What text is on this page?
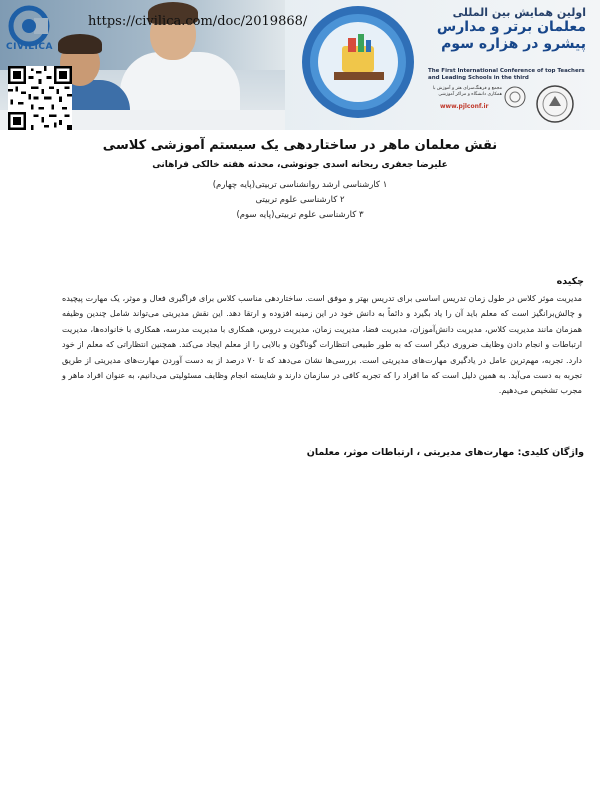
CIVILICA
https://civilica.com/doc/2019868/
اولین همایش بین المللی
معلمان برتر و مدارس
پیشرو در هزاره سوم
The First International Conference of top Teachers and Leading Schools in the third
مجمع و فرهنگ‌سرای هنر و آموزش با همکاری دانشگاه و مراکز آموزشی
www.pjlconf.ir
نقش معلمان ماهر در ساختاردهی یک سیستم آموزشی کلاسی
علیرضا جعفری ریحانه اسدی جونوشی، محدثه هفته خالکی فراهانی
۱ کارشناسی ارشد روانشناسی تربیتی(پایه چهارم)
۲ کارشناسی علوم تربیتی
۳ کارشناسی علوم تربیتی(پایه سوم)
چکیده
مدیریت موثر کلاس در طول زمان تدریس اساسی برای تدریس بهتر و موفق است. ساختاردهی مناسب کلاس برای فراگیری فعال و موثر، یک مهارت پیچیده و چالش‌برانگیز است که معلم باید آن را یاد بگیرد و دائماً به دانش خود در این زمینه افزوده و ارتقا دهد. این نقش مدیریتی می‌تواند شامل چندین وظیفه همزمان مانند مدیریت کلاس، مدیریت دانش‌آموزان، مدیریت فضا، مدیریت زمان، مدیریت دروس، همکاری با مدیریت مدرسه، همکاری با خانواده‌ها، مدیریت ارتباطات و انجام دادن وظایف ضروری دیگر است که به طور طبیعی انتظارات گوناگون و بالایی را از معلم ایجاد می‌کند. همچنین انتظاراتی که معلم از خود دارد. تجربه، مهم‌ترین عامل در یادگیری مهارت‌های مدیریتی است. بررسی‌ها نشان می‌دهد که تا ۷۰ درصد از به دست آوردن مهارت‌های مدیریتی از طریق تجربه به دست می‌آید. به همین دلیل است که ما افراد را که تجربه کافی در سازمان دارند و شایسته انجام وظایف مسئولیتی می‌دانیم، به عنوان افراد ماهر و مجرب تشخیص می‌دهیم.
واژگان کلیدی: مهارت‌های مدیریتی ، ارتباطات موثر، معلمان
